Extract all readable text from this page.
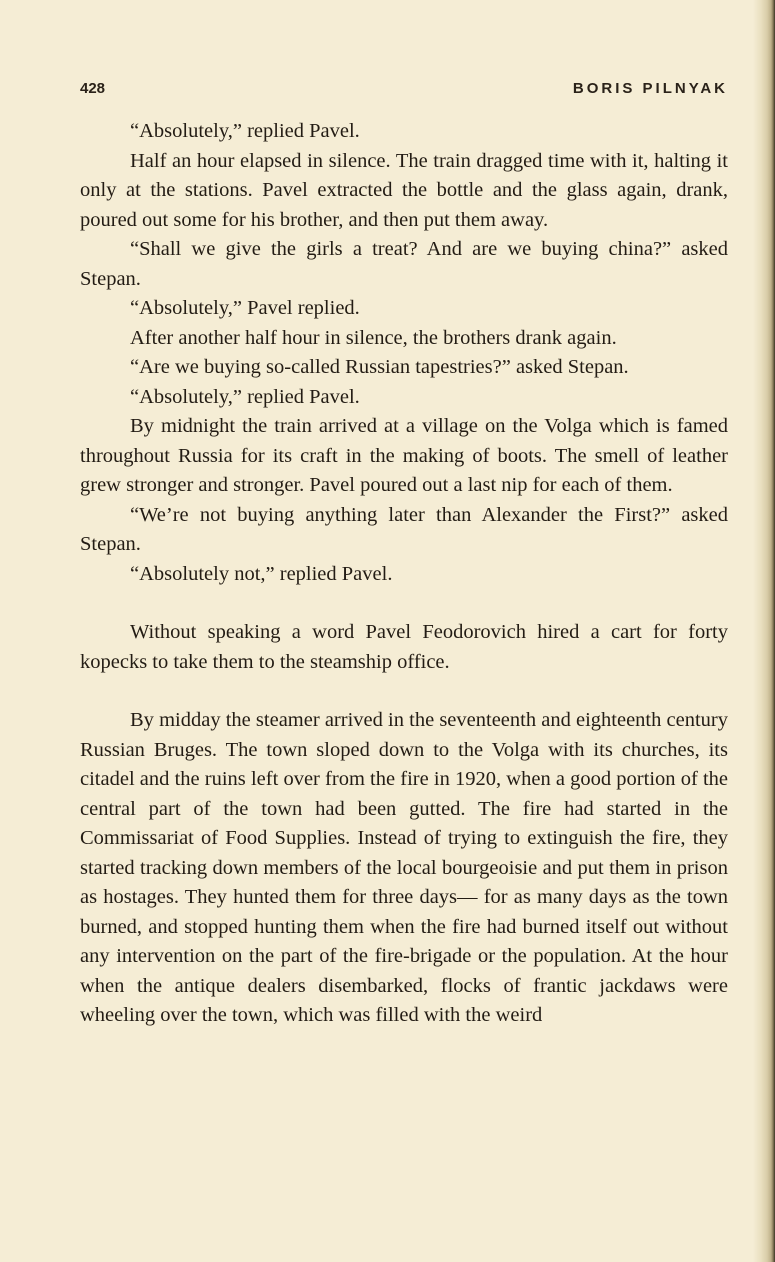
428	BORIS PILNYAK

“Absolutely,” replied Pavel.

Half an hour elapsed in silence. The train dragged time with it, halting it only at the stations. Pavel extracted the bottle and the glass again, drank, poured out some for his brother, and then put them away.

“Shall we give the girls a treat? And are we buying china?” asked Stepan.

“Absolutely,” Pavel replied.

After another half hour in silence, the brothers drank again.

“Are we buying so-called Russian tapestries?” asked Stepan.

“Absolutely,” replied Pavel.

By midnight the train arrived at a village on the Volga which is famed throughout Russia for its craft in the making of boots. The smell of leather grew stronger and stronger. Pavel poured out a last nip for each of them.

“We’re not buying anything later than Alexander the First?” asked Stepan.

“Absolutely not,” replied Pavel.

Without speaking a word Pavel Feodorovich hired a cart for forty kopecks to take them to the steamship office.

By midday the steamer arrived in the seventeenth and eighteenth century Russian Bruges. The town sloped down to the Volga with its churches, its citadel and the ruins left over from the fire in 1920, when a good portion of the central part of the town had been gutted. The fire had started in the Commissariat of Food Supplies. Instead of trying to extinguish the fire, they started tracking down members of the local bourgeoisie and put them in prison as hostages. They hunted them for three days— for as many days as the town burned, and stopped hunting them when the fire had burned itself out without any intervention on the part of the fire-brigade or the population. At the hour when the antique dealers disembarked, flocks of frantic jackdaws were wheeling over the town, which was filled with the weird
